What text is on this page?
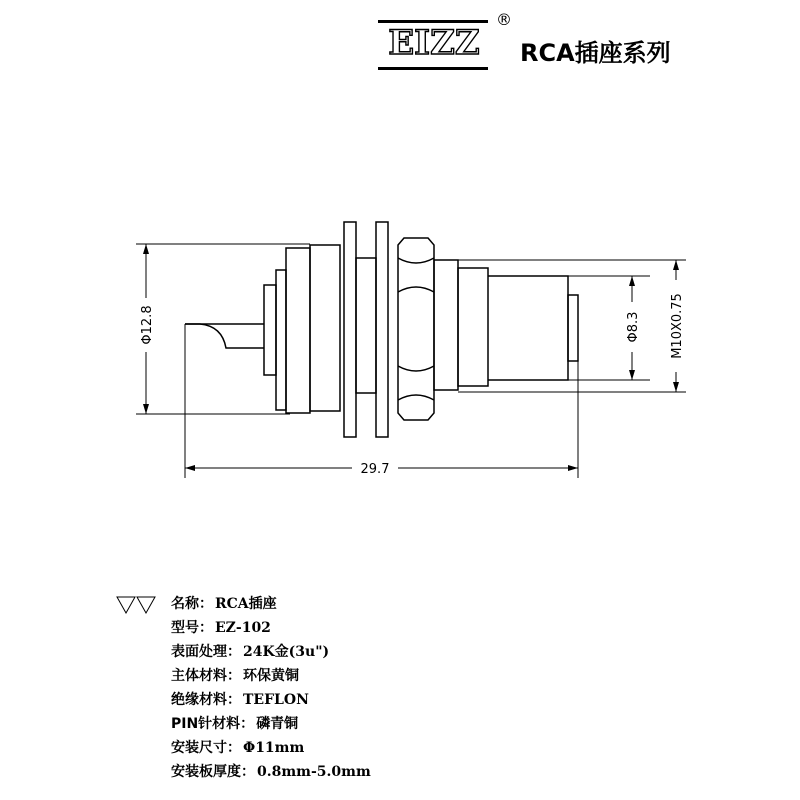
EIZZ
®
RCA插座系列
Φ12.8
29.7
Φ8.3 M10X0.75
名称： RCA插座
型号： EZ-102
表面处理： 24K金(3u")
主体材料： 环保黄铜
绝缘材料： TEFLON
PIN针材料： 磷青铜
安装尺寸： Φ11mm
安装板厚度： 0.8mm-5.0mm
